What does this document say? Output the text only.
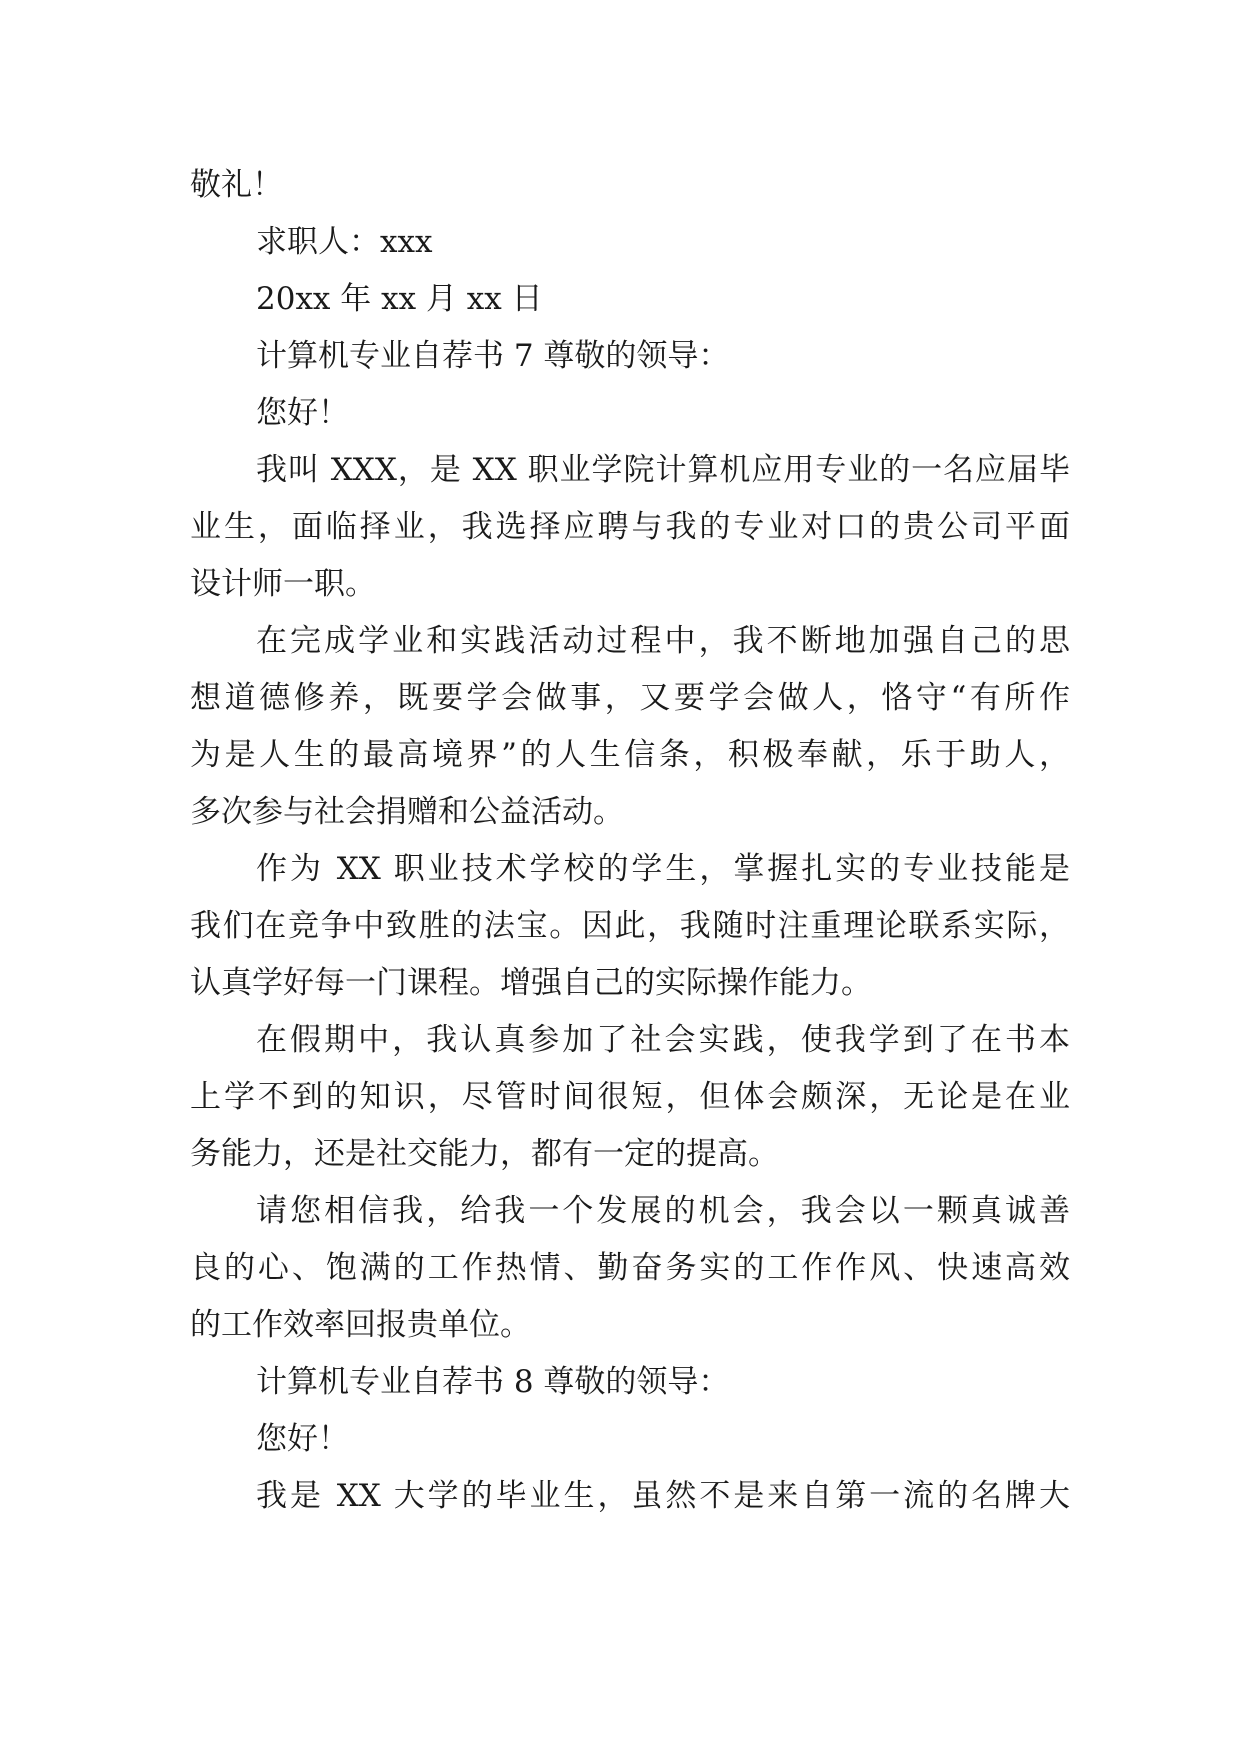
敬礼！
求职人：xxx
20xx 年 xx 月 xx 日
计算机专业自荐书 7 尊敬的领导：
您好！
我叫 XXX，是 XX 职业学院计算机应用专业的一名应届毕
业生，面临择业，我选择应聘与我的专业对口的贵公司平面
设计师一职。
在完成学业和实践活动过程中，我不断地加强自己的思
想道德修养，既要学会做事，又要学会做人，恪守“有所作
为是人生的最高境界”的人生信条，积极奉献，乐于助人，
多次参与社会捐赠和公益活动。
作为 XX 职业技术学校的学生，掌握扎实的专业技能是
我们在竞争中致胜的法宝。因此，我随时注重理论联系实际，
认真学好每一门课程。增强自己的实际操作能力。
在假期中，我认真参加了社会实践，使我学到了在书本
上学不到的知识，尽管时间很短，但体会颇深，无论是在业
务能力，还是社交能力，都有一定的提高。
请您相信我，给我一个发展的机会，我会以一颗真诚善
良的心、饱满的工作热情、勤奋务实的工作作风、快速高效
的工作效率回报贵单位。
计算机专业自荐书 8 尊敬的领导：
您好！
我是 XX 大学的毕业生，虽然不是来自第一流的名牌大
